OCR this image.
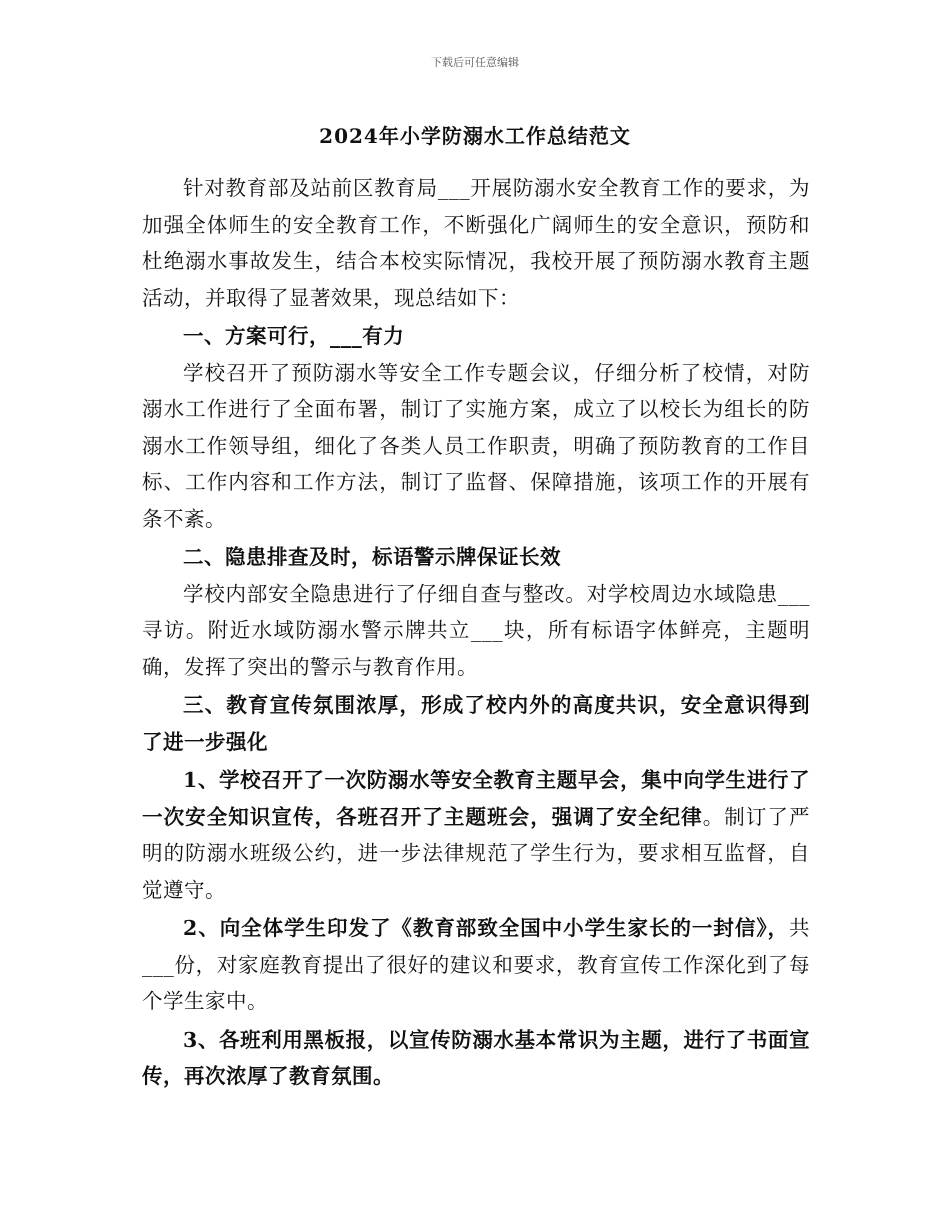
下载后可任意编辑
2024年小学防溺水工作总结范文

针对教育部及站前区教育局___开展防溺水安全教育工作的要求，为加强全体师生的安全教育工作，不断强化广阔师生的安全意识，预防和杜绝溺水事故发生，结合本校实际情况，我校开展了预防溺水教育主题活动，并取得了显著效果，现总结如下：

一、方案可行，___有力

学校召开了预防溺水等安全工作专题会议，仔细分析了校情，对防溺水工作进行了全面布署，制订了实施方案，成立了以校长为组长的防溺水工作领导组，细化了各类人员工作职责，明确了预防教育的工作目标、工作内容和工作方法，制订了监督、保障措施，该项工作的开展有条不紊。

二、隐患排查及时，标语警示牌保证长效

学校内部安全隐患进行了仔细自查与整改。对学校周边水域隐患___寻访。附近水域防溺水警示牌共立___块，所有标语字体鲜亮，主题明确，发挥了突出的警示与教育作用。

三、教育宣传氛围浓厚，形成了校内外的高度共识，安全意识得到了进一步强化

1、学校召开了一次防溺水等安全教育主题早会，集中向学生进行了一次安全知识宣传，各班召开了主题班会，强调了安全纪律。制订了严明的防溺水班级公约，进一步法律规范了学生行为，要求相互监督，自觉遵守。

2、向全体学生印发了《教育部致全国中小学生家长的一封信》，共___份，对家庭教育提出了很好的建议和要求，教育宣传工作深化到了每个学生家中。

3、各班利用黑板报，以宣传防溺水基本常识为主题，进行了书面宣传，再次浓厚了教育氛围。
